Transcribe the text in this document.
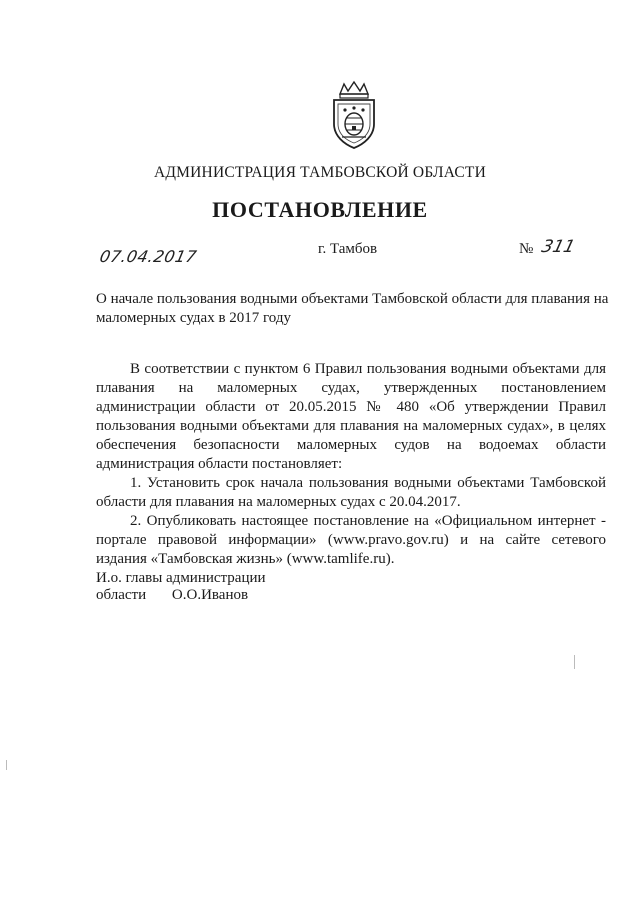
АДМИНИСТРАЦИЯ ТАМБОВСКОЙ ОБЛАСТИ
ПОСТАНОВЛЕНИЕ
07.04.2017	г. Тамбов	№ 311
О начале пользования водными объектами Тамбовской области для плавания на маломерных судах в 2017 году

В соответствии с пунктом 6 Правил пользования водными объектами для плавания на маломерных судах, утвержденных постановлением администрации области от 20.05.2015 № 480 «Об утверждении Правил пользования водными объектами для плавания на маломерных судах», в целях обеспечения безопасности маломерных судов на водоемах области администрация области постановляет:

1. Установить срок начала пользования водными объектами Тамбовской области для плавания на маломерных судах с 20.04.2017.

2. Опубликовать настоящее постановление на «Официальном интернет - портале правовой информации» (www.pravo.gov.ru) и на сайте сетевого издания «Тамбовская жизнь» (www.tamlife.ru).

И.о. главы администрации
области О.О.Иванов
